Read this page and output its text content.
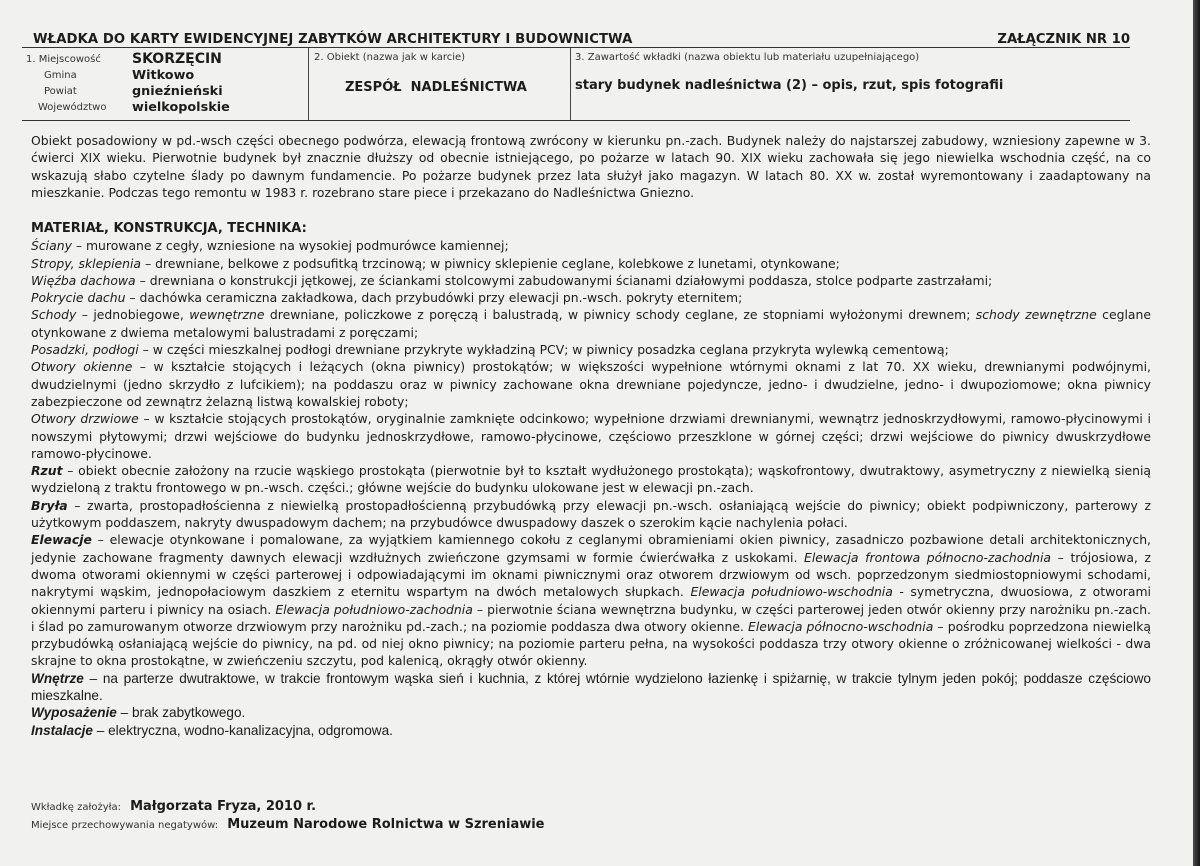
WŁADKA DO KARTY EWIDENCYJNEJ ZABYTKÓW ARCHITEKTURY I BUDOWNICTWA	ZAŁĄCZNIK NR 10
1. Miejscowość SKORZĘCIN
Gmina	Witkowo
Powiat	gnieźnieński
Województwo wielkopolskie
2. Obiekt (nazwa jak w karcie)
ZESPÓŁ  NADLEŚNICTWA
3. Zawartość wkładki (nazwa obiektu lub materiału uzupełniającego)
stary budynek nadleśnictwa (2) – opis, rzut, spis fotografii

Obiekt posadowiony w pd.-wsch części obecnego podwórza, elewacją frontową zwrócony w kierunku pn.-zach. Budynek należy do najstarszej zabudowy, wzniesiony zapewne w 3. ćwierci XIX wieku. Pierwotnie budynek był znacznie dłuższy od obecnie istniejącego, po pożarze w latach 90. XIX wieku zachowała się jego niewielka wschodnia część, na co wskazują słabo czytelne ślady po dawnym fundamencie. Po pożarze budynek przez lata służył jako magazyn. W latach 80. XX w. został wyremontowany i zaadaptowany na mieszkanie. Podczas tego remontu w 1983 r. rozebrano stare piece i przekazano do Nadleśnictwa Gniezno.

MATERIAŁ, KONSTRUKCJA, TECHNIKA:

Ściany – murowane z cegły, wzniesione na wysokiej podmurówce kamiennej;

Stropy, sklepienia – drewniane, belkowe z podsufitką trzcinową; w piwnicy sklepienie ceglane, kolebkowe z lunetami, otynkowane;

Więźba dachowa – drewniana o konstrukcji jętkowej, ze ściankami stolcowymi zabudowanymi ścianami działowymi poddasza, stolce podparte zastrzałami;

Pokrycie dachu – dachówka ceramiczna zakładkowa, dach przybudówki przy elewacji pn.-wsch. pokryty eternitem;

Schody – jednobiegowe, wewnętrzne drewniane, policzkowe z poręczą i balustradą, w piwnicy schody ceglane, ze stopniami wyłożonymi drewnem; schody zewnętrzne ceglane otynkowane z dwiema metalowymi balustradami z poręczami;

Posadzki, podłogi – w części mieszkalnej podłogi drewniane przykryte wykładziną PCV; w piwnicy posadzka ceglana przykryta wylewką cementową;

Otwory okienne – w kształcie stojących i leżących (okna piwnicy) prostokątów; w większości wypełnione wtórnymi oknami z lat 70. XX wieku, drewnianymi podwójnymi, dwudzielnymi (jedno skrzydło z lufcikiem); na poddaszu oraz w piwnicy zachowane okna drewniane pojedyncze, jedno- i dwudzielne, jedno- i dwupoziomowe; okna piwnicy zabezpieczone od zewnątrz żelazną listwą kowalskiej roboty;

Otwory drzwiowe – w kształcie stojących prostokątów, oryginalnie zamknięte odcinkowo; wypełnione drzwiami drewnianymi, wewnątrz jednoskrzydłowymi, ramowo-płycinowymi i nowszymi płytowymi; drzwi wejściowe do budynku jednoskrzydłowe, ramowo-płycinowe, częściowo przeszklone w górnej części; drzwi wejściowe do piwnicy dwuskrzydłowe ramowo-płycinowe.

Rzut – obiekt obecnie założony na rzucie wąskiego prostokąta (pierwotnie był to kształt wydłużonego prostokąta); wąskofrontowy, dwutraktowy, asymetryczny z niewielką sienią wydzieloną z traktu frontowego w pn.-wsch. części.; główne wejście do budynku ulokowane jest w elewacji pn.-zach.

Bryła – zwarta, prostopadłościenna z niewielką prostopadłościenną przybudówką przy elewacji pn.-wsch. osłaniającą wejście do piwnicy; obiekt podpiwniczony, parterowy z użytkowym poddaszem, nakryty dwuspadowym dachem; na przybudówce dwuspadowy daszek o szerokim kącie nachylenia połaci.

Elewacje – elewacje otynkowane i pomalowane, za wyjątkiem kamiennego cokołu z ceglanymi obramieniami okien piwnicy, zasadniczo pozbawione detali architektonicznych, jedynie zachowane fragmenty dawnych elewacji wzdłużnych zwieńczone gzymsami w formie ćwierćwałka z uskokami. Elewacja frontowa północno-zachodnia – trójosiowa, z dwoma otworami okiennymi w części parterowej i odpowiadającymi im oknami piwnicznymi oraz otworem drzwiowym od wsch. poprzedzonym siedmiostopniowymi schodami, nakrytymi wąskim, jednopołaciowym daszkiem z eternitu wspartym na dwóch metalowych słupkach. Elewacja południowo-wschodnia - symetryczna, dwuosiowa, z otworami okiennymi parteru i piwnicy na osiach. Elewacja południowo-zachodnia – pierwotnie ściana wewnętrzna budynku, w części parterowej jeden otwór okienny przy narożniku pn.-zach. i ślad po zamurowanym otworze drzwiowym przy narożniku pd.-zach.; na poziomie poddasza dwa otwory okienne. Elewacja północno-wschodnia – pośrodku poprzedzona niewielką przybudówką osłaniającą wejście do piwnicy, na pd. od niej okno piwnicy; na poziomie parteru pełna, na wysokości poddasza trzy otwory okienne o zróżnicowanej wielkości - dwa skrajne to okna prostokątne, w zwieńczeniu szczytu, pod kalenicą, okrągły otwór okienny.

Wnętrze – na parterze dwutraktowe, w trakcie frontowym wąska sień i kuchnia, z której wtórnie wydzielono łazienkę i spiżarnię, w trakcie tylnym jeden pokój; poddasze częściowo mieszkalne.

Wyposażenie – brak zabytkowego.

Instalacje – elektryczna, wodno-kanalizacyjna, odgromowa.

Wkładkę założyła: Małgorzata Fryza, 2010 r.
Miejsce przechowywania negatywów: Muzeum Narodowe Rolnictwa w Szreniawie
